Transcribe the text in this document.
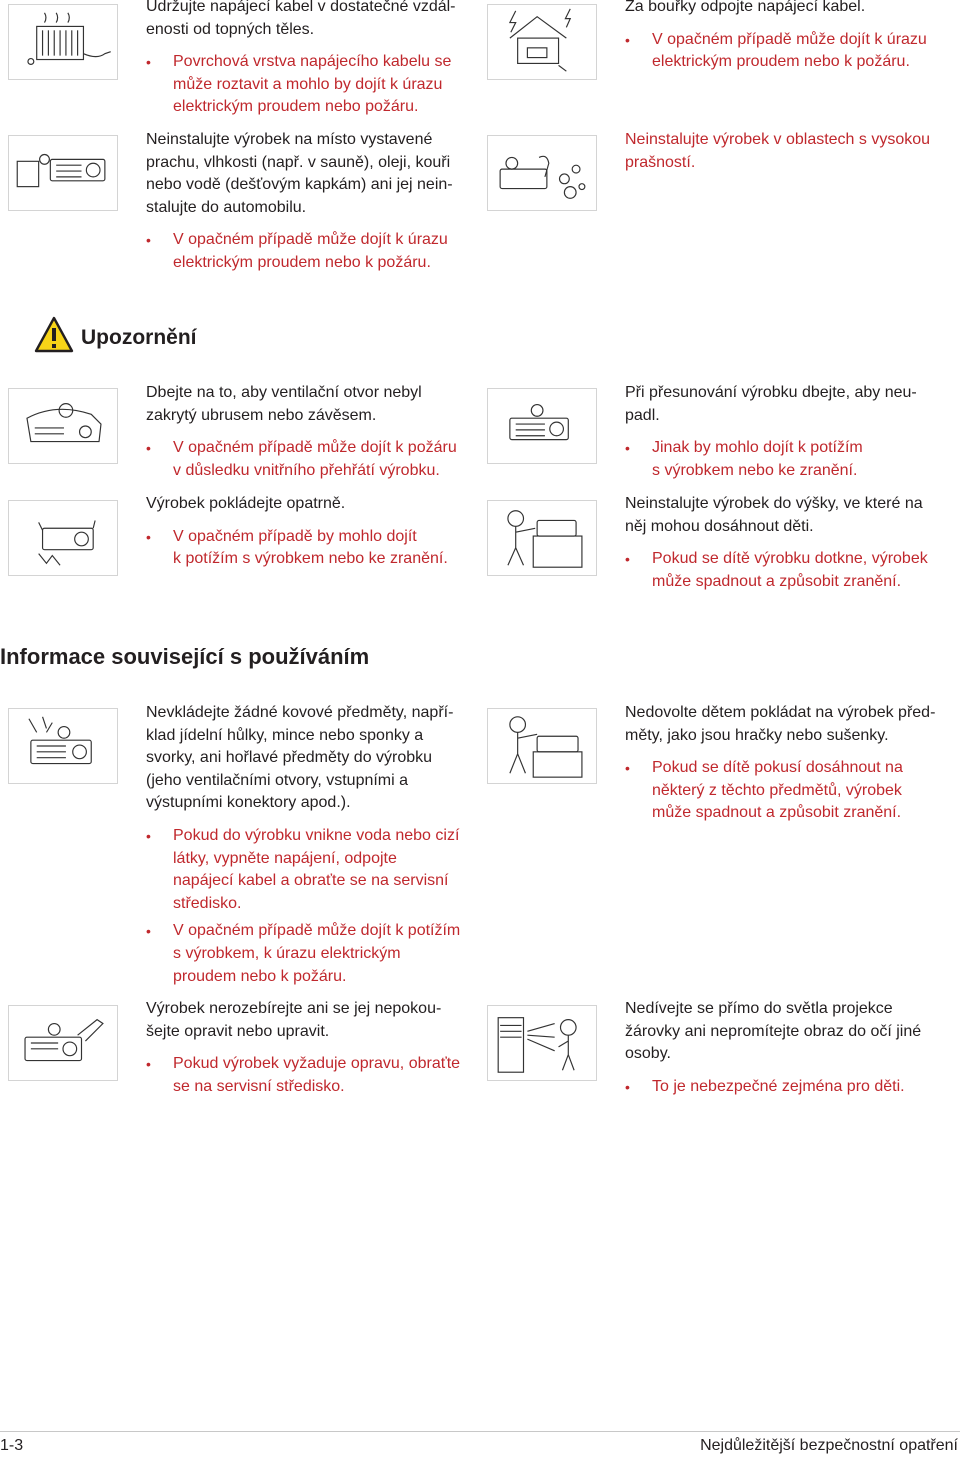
Udržujte napájecí kabel v dostatečné vzdál-
enosti od topných těles.

• Povrchová vrstva napájecího kabelu se
může roztavit a mohlo by dojít k úrazu
elektrickým proudem nebo požáru.

Za bouřky odpojte napájecí kabel.

• V opačném případě může dojít k úrazu
elektrickým proudem nebo k požáru.

Neinstalujte výrobek na místo vystavené
prachu, vlhkosti (např. v sauně), oleji, kouři
nebo vodě (dešťovým kapkám) ani jej nein-
stalujte do automobilu.

• V opačném případě může dojít k úrazu
elektrickým proudem nebo k požáru.

Neinstalujte výrobek v oblastech s vysokou
prašností.

Upozornění

Dbejte na to, aby ventilační otvor nebyl
zakrytý ubrusem nebo závěsem.

• V opačném případě může dojít k požáru
v důsledku vnitřního přehřátí výrobku.

Při přesunování výrobku dbejte, aby neu-
padl.

• Jinak by mohlo dojít k potížím
s výrobkem nebo ke zranění.

Výrobek pokládejte opatrně.

• V opačném případě by mohlo dojít
k potížím s výrobkem nebo ke zranění.

Neinstalujte výrobek do výšky, ve které na
něj mohou dosáhnout děti.

• Pokud se dítě výrobku dotkne, výrobek
může spadnout a způsobit zranění.

Informace související s používáním

Nevkládejte žádné kovové předměty, napří-
klad jídelní hůlky, mince nebo sponky a
svorky, ani hořlavé předměty do výrobku
(jeho ventilačními otvory, vstupními a
výstupními konektory apod.).

• Pokud do výrobku vnikne voda nebo cizí
látky, vypněte napájení, odpojte
napájecí kabel a obraťte se na servisní
středisko.

• V opačném případě může dojít k potížím
s výrobkem, k úrazu elektrickým
proudem nebo k požáru.

Nedovolte dětem pokládat na výrobek před-
měty, jako jsou hračky nebo sušenky.

• Pokud se dítě pokusí dosáhnout na
některý z těchto předmětů, výrobek
může spadnout a způsobit zranění.

Výrobek nerozebírejte ani se jej nepokou-
šejte opravit nebo upravit.

• Pokud výrobek vyžaduje opravu, obraťte
se na servisní středisko.

Nedívejte se přímo do světla projekce
žárovky ani nepromítejte obraz do očí jiné
osoby.

• To je nebezpečné zejména pro děti.

1-3	Nejdůležitější bezpečnostní opatření
